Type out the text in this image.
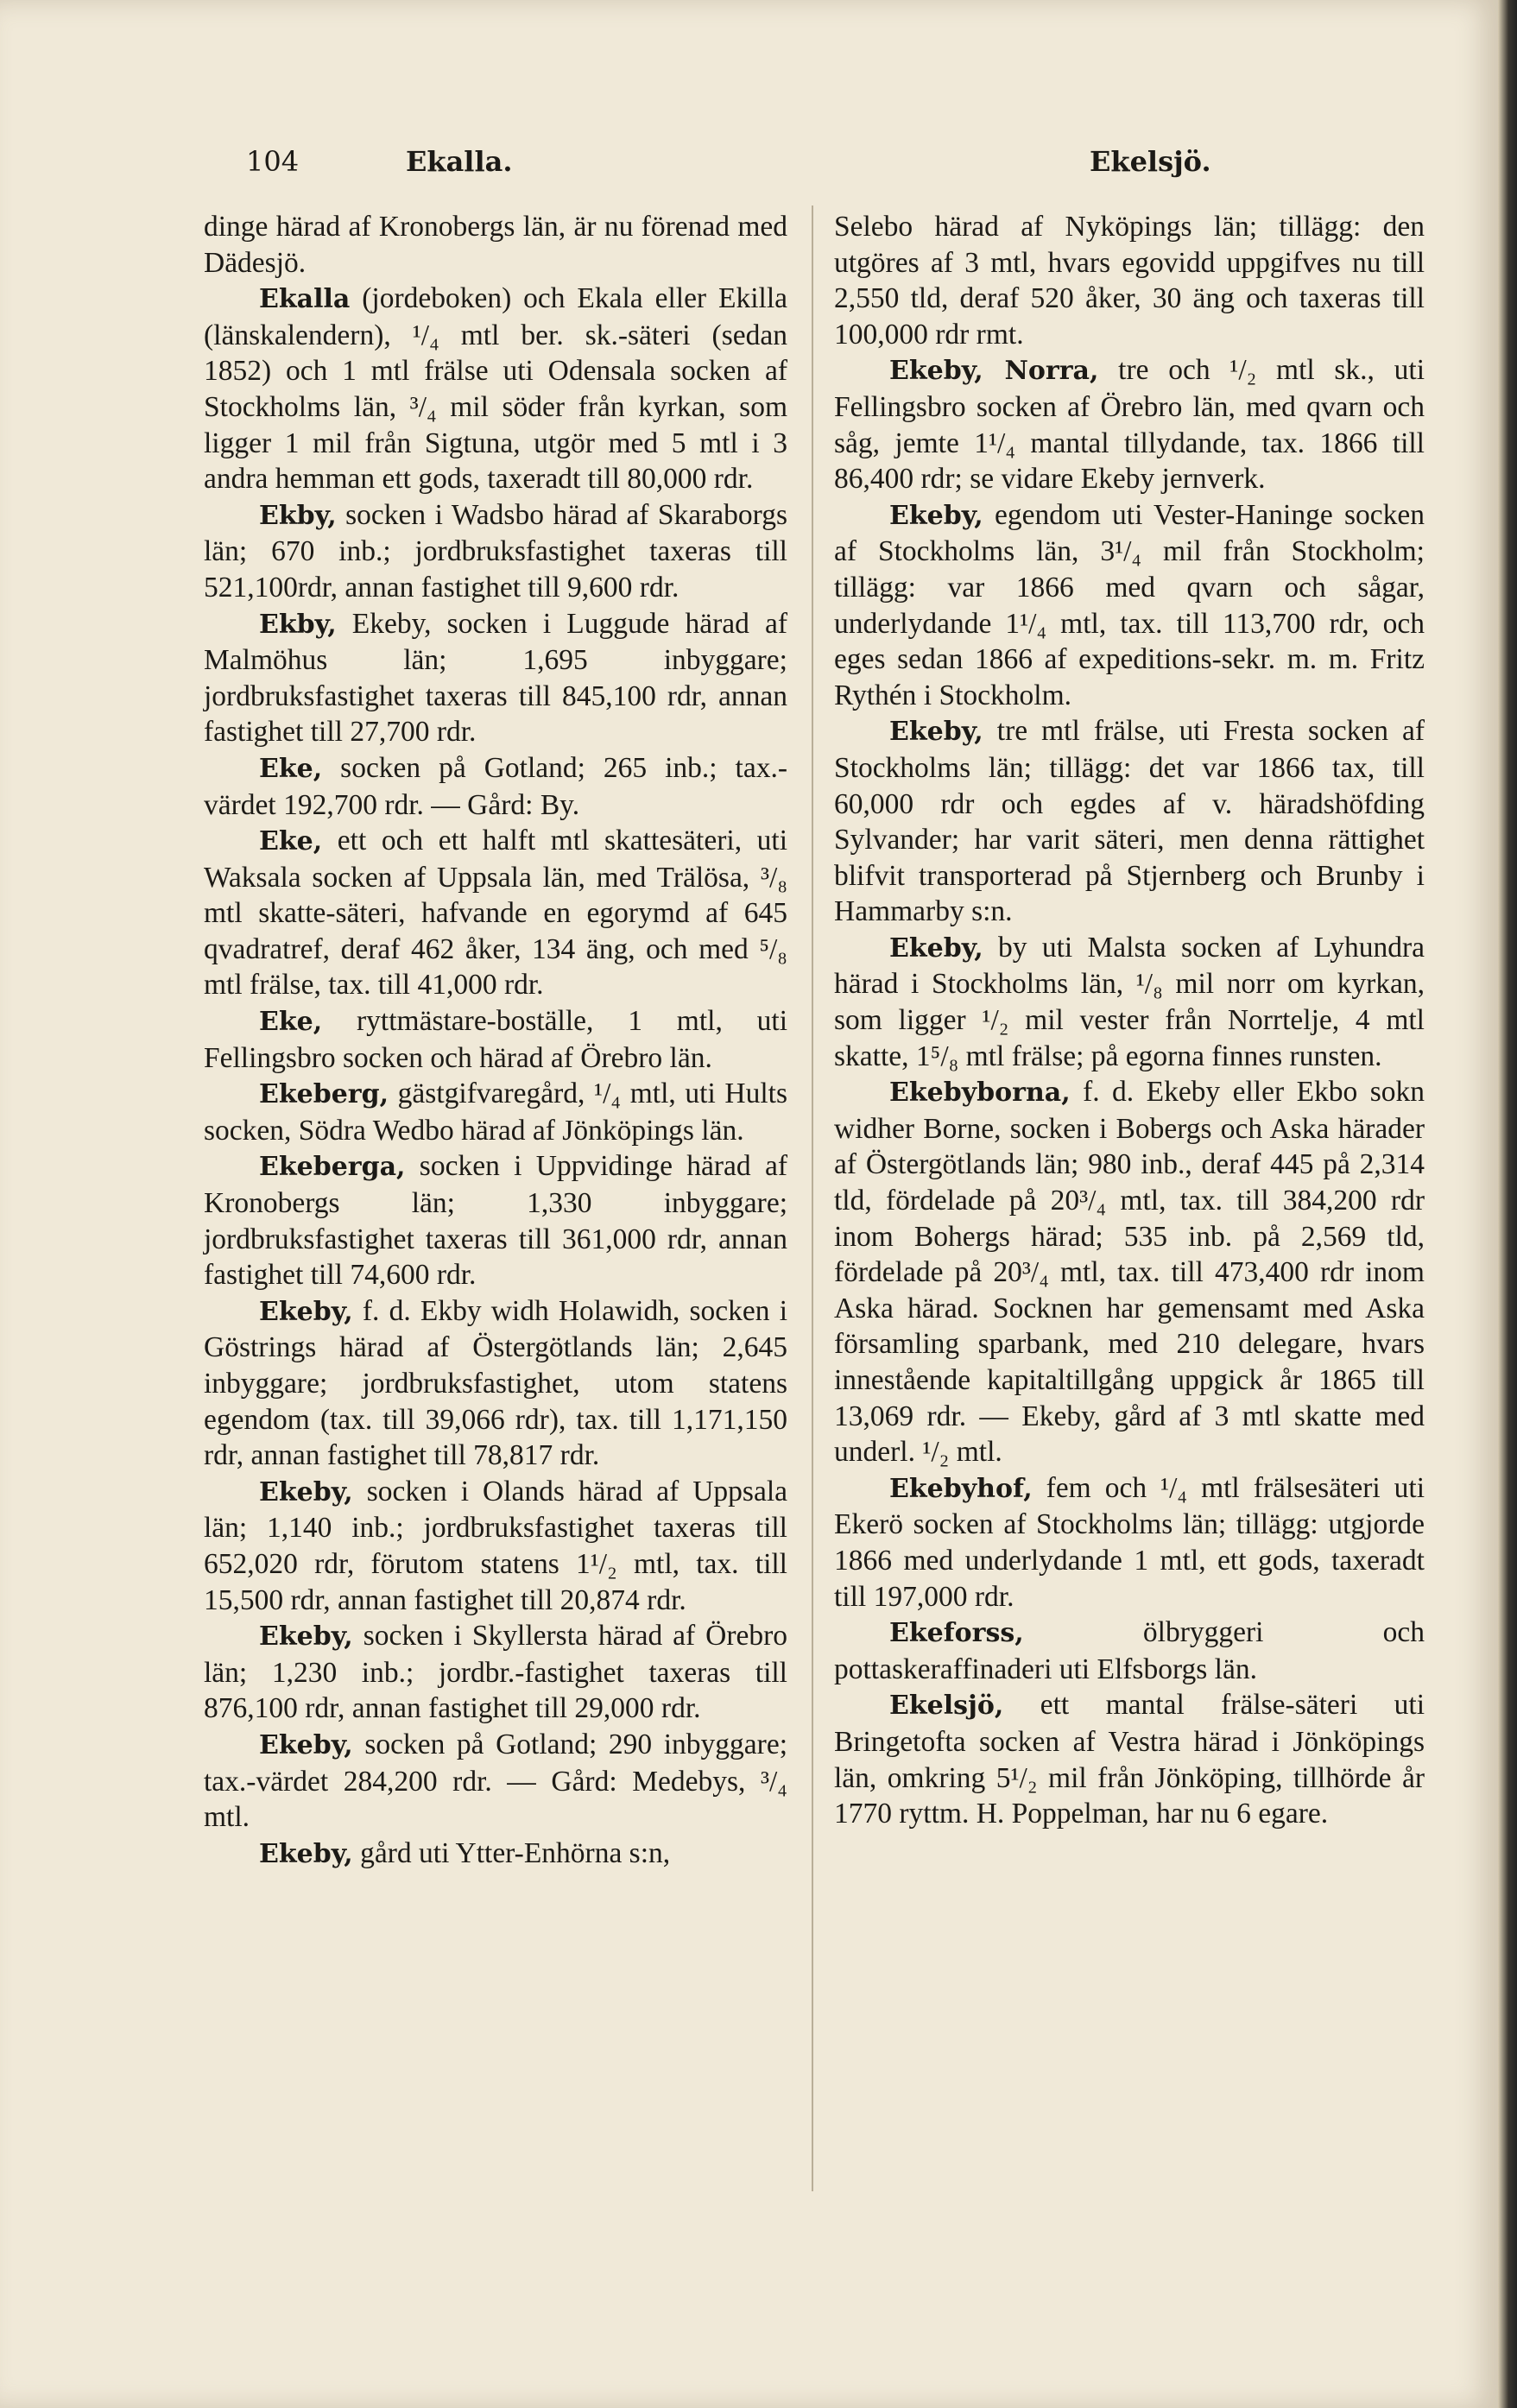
104	Ekalla.	Ekelsjö.

dinge härad af Kronobergs län, är nu förenad med Dädesjö.

Ekalla (jordeboken) och Ekala eller Ekilla (länskalendern), ¹/₄ mtl ber. sk.-säteri (sedan 1852) och 1 mtl frälse uti Odensala socken af Stockholms län, ³/₄ mil söder från kyrkan, som ligger 1 mil från Sigtuna, utgör med 5 mtl i 3 andra hemman ett gods, taxeradt till 80,000 rdr.

Ekby, socken i Wadsbo härad af Skaraborgs län; 670 inb.; jordbruksfastighet taxeras till 521,100rdr, annan fastighet till 9,600 rdr.

Ekby, Ekeby, socken i Luggude härad af Malmöhus län; 1,695 inbyggare; jordbruksfastighet taxeras till 845,100 rdr, annan fastighet till 27,700 rdr.

Eke, socken på Gotland; 265 inb.; tax.-värdet 192,700 rdr. — Gård: By.

Eke, ett och ett halft mtl skattesäteri, uti Waksala socken af Uppsala län, med Trälösa, ³/₈ mtl skatte-säteri, hafvande en egorymd af 645 qvadratref, deraf 462 åker, 134 äng, och med ⁵/₈ mtl frälse, tax. till 41,000 rdr.

Eke, ryttmästare-boställe, 1 mtl, uti Fellingsbro socken och härad af Örebro län.

Ekeberg, gästgifvaregård, ¹/₄ mtl, uti Hults socken, Södra Wedbo härad af Jönköpings län.

Ekeberga, socken i Uppvidinge härad af Kronobergs län; 1,330 inbyggare; jordbruksfastighet taxeras till 361,000 rdr, annan fastighet till 74,600 rdr.

Ekeby, f. d. Ekby widh Holawidh, socken i Göstrings härad af Östergötlands län; 2,645 inbyggare; jordbruksfastighet, utom statens egendom (tax. till 39,066 rdr), tax. till 1,171,150 rdr, annan fastighet till 78,817 rdr.

Ekeby, socken i Olands härad af Uppsala län; 1,140 inb.; jordbruksfastighet taxeras till 652,020 rdr, förutom statens 1¹/₂ mtl, tax. till 15,500 rdr, annan fastighet till 20,874 rdr.

Ekeby, socken i Skyllersta härad af Örebro län; 1,230 inb.; jordbr.-fastighet taxeras till 876,100 rdr, annan fastighet till 29,000 rdr.

Ekeby, socken på Gotland; 290 inbyggare; tax.-värdet 284,200 rdr. — Gård: Medebys, ³/₄ mtl.

Ekeby, gård uti Ytter-Enhörna s:n,

Selebo härad af Nyköpings län; tillägg: den utgöres af 3 mtl, hvars egovidd uppgifves nu till 2,550 tld, deraf 520 åker, 30 äng och taxeras till 100,000 rdr rmt.

Ekeby, Norra, tre och ¹/₂ mtl sk., uti Fellingsbro socken af Örebro län, med qvarn och såg, jemte 1¹/₄ mantal tillydande, tax. 1866 till 86,400 rdr; se vidare Ekeby jernverk.

Ekeby, egendom uti Vester-Haninge socken af Stockholms län, 3¹/₄ mil från Stockholm; tillägg: var 1866 med qvarn och sågar, underlydande 1¹/₄ mtl, tax. till 113,700 rdr, och eges sedan 1866 af expeditions-sekr. m. m. Fritz Rythén i Stockholm.

Ekeby, tre mtl frälse, uti Fresta socken af Stockholms län; tillägg: det var 1866 tax, till 60,000 rdr och egdes af v. häradshöfding Sylvander; har varit säteri, men denna rättighet blifvit transporterad på Stjernberg och Brunby i Hammarby s:n.

Ekeby, by uti Malsta socken af Lyhundra härad i Stockholms län, ¹/₈ mil norr om kyrkan, som ligger ¹/₂ mil vester från Norrtelje, 4 mtl skatte, 1⁵/₈ mtl frälse; på egorna finnes runsten.

Ekebyborna, f. d. Ekeby eller Ekbo sokn widher Borne, socken i Bobergs och Aska härader af Östergötlands län; 980 inb., deraf 445 på 2,314 tld, fördelade på 20³/₄ mtl, tax. till 384,200 rdr inom Bohergs härad; 535 inb. på 2,569 tld, fördelade på 20³/₄ mtl, tax. till 473,400 rdr inom Aska härad. Socknen har gemensamt med Aska församling sparbank, med 210 delegare, hvars innestående kapitaltillgång uppgick år 1865 till 13,069 rdr. — Ekeby, gård af 3 mtl skatte med underl. ¹/₂ mtl.

Ekebyhof, fem och ¹/₄ mtl frälsesäteri uti Ekerö socken af Stockholms län; tillägg: utgjorde 1866 med underlydande 1 mtl, ett gods, taxeradt till 197,000 rdr.

Ekeforss,	ölbryggeri och pottaskeraffinaderi uti Elfsborgs län.

Ekelsjö, ett mantal frälse-säteri uti Bringetofta socken af Vestra härad i Jönköpings län, omkring 5¹/₂ mil från Jönköping, tillhörde år 1770 ryttm. H. Poppelman, har nu 6 egare.
